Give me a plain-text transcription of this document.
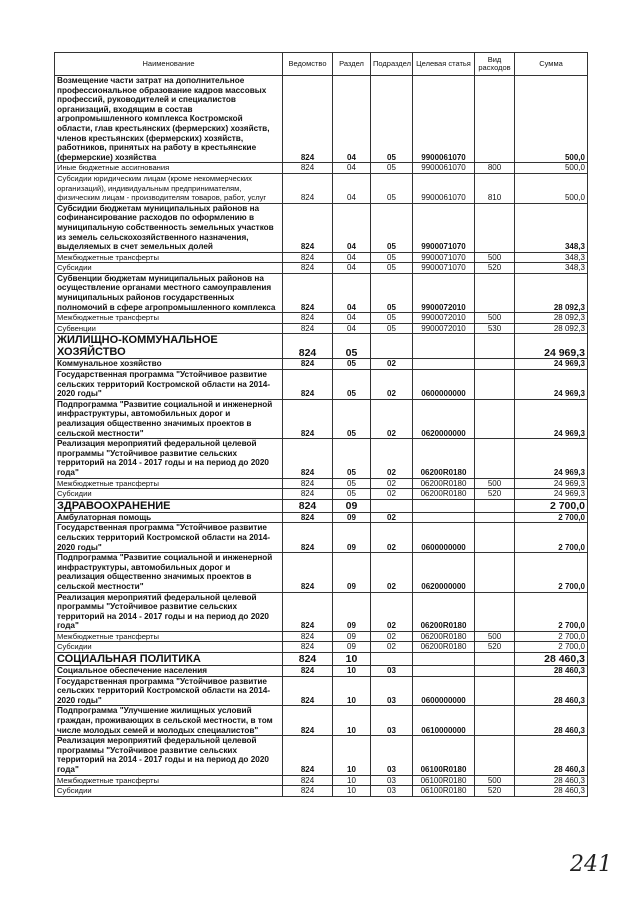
Наименование	Ведомство	Раздел	Подраздел	Целевая статья	Вид расходов	Сумма
Возмещение части затрат на дополнительное профессиональное образование кадров массовых профессий, руководителей и специалистов организаций, входящим в состав агропромышленного комплекса Костромской области, глав крестьянских (фермерских) хозяйств, членов крестьянских (фермерских) хозяйств, работников, принятых на работу в крестьянские (фермерские) хозяйства	824	04	05	9900061070		500,0
Иные бюджетные ассигнования	824	04	05	9900061070	800	500,0
Субсидии юридическим лицам (кроме некоммерческих организаций), индивидуальным предпринимателям, физическим лицам - производителям товаров, работ, услуг	824	04	05	9900061070	810	500,0
Субсидии бюджетам муниципальных районов на софинансирование расходов по оформлению в муниципальную собственность земельных участков из земель сельскохозяйственного назначения, выделяемых в счет земельных долей	824	04	05	9900071070		348,3
Межбюджетные трансферты	824	04	05	9900071070	500	348,3
Субсидии	824	04	05	9900071070	520	348,3
Субвенции бюджетам муниципальных районов на осуществление органами местного самоуправления муниципальных районов государственных полномочий в сфере агропромышленного комплекса	824	04	05	9900072010		28 092,3
Межбюджетные трансферты	824	04	05	9900072010	500	28 092,3
Субвенции	824	04	05	9900072010	530	28 092,3
ЖИЛИЩНО-КОММУНАЛЬНОЕ ХОЗЯЙСТВО	824	05				24 969,3
Коммунальное хозяйство	824	05	02			24 969,3
Государственная программа "Устойчивое развитие сельских территорий Костромской области на 2014-2020 годы"	824	05	02	0600000000		24 969,3
Подпрограмма "Развитие социальной и инженерной инфраструктуры, автомобильных дорог и реализация общественно значимых проектов в сельской местности"	824	05	02	0620000000		24 969,3
Реализация мероприятий федеральной целевой программы "Устойчивое развитие сельских территорий на 2014 - 2017 годы и на период до 2020 года"	824	05	02	06200R0180		24 969,3
Межбюджетные трансферты	824	05	02	06200R0180	500	24 969,3
Субсидии	824	05	02	06200R0180	520	24 969,3
ЗДРАВООХРАНЕНИЕ	824	09				2 700,0
Амбулаторная помощь	824	09	02			2 700,0
Государственная программа "Устойчивое развитие сельских территорий Костромской области на 2014-2020 годы"	824	09	02	0600000000		2 700,0
Подпрограмма "Развитие социальной и инженерной инфраструктуры, автомобильных дорог и реализация общественно значимых проектов в сельской местности"	824	09	02	0620000000		2 700,0
Реализация мероприятий федеральной целевой программы "Устойчивое развитие сельских территорий на 2014 - 2017 годы и на период до 2020 года"	824	09	02	06200R0180		2 700,0
Межбюджетные трансферты	824	09	02	06200R0180	500	2 700,0
Субсидии	824	09	02	06200R0180	520	2 700,0
СОЦИАЛЬНАЯ ПОЛИТИКА	824	10				28 460,3
Социальное обеспечение населения	824	10	03			28 460,3
Государственная программа "Устойчивое развитие сельских территорий Костромской области на 2014-2020 годы"	824	10	03	0600000000		28 460,3
Подпрограмма "Улучшение жилищных условий граждан, проживающих в сельской местности, в том числе молодых семей и молодых специалистов"	824	10	03	0610000000		28 460,3
Реализация мероприятий федеральной целевой программы "Устойчивое развитие сельских территорий на 2014 - 2017 годы и на период до 2020 года"	824	10	03	06100R0180		28 460,3
Межбюджетные трансферты	824	10	03	06100R0180	500	28 460,3
Субсидии	824	10	03	06100R0180	520	28 460,3
241
